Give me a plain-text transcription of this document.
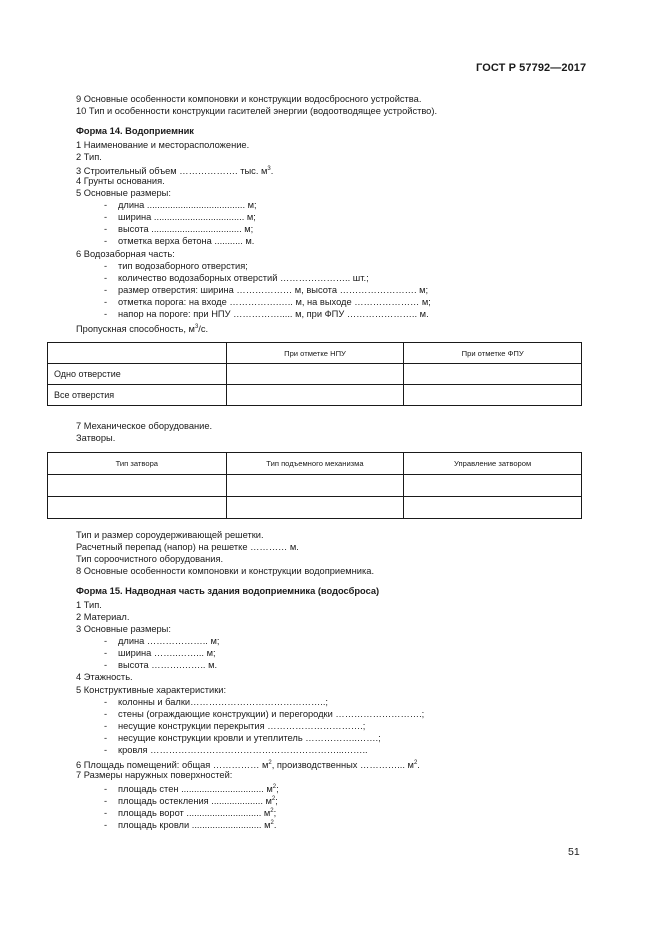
ГОСТ Р 57792—2017
9 Основные особенности компоновки и конструкции водосбросного устройства.
10 Тип и особенности конструкции гасителей энергии (водоотводящее устройство).
Форма 14. Водоприемник
1 Наименование и месторасположение.
2 Тип.
3 Строительный объем ………………. тыс. $м^3$.
4 Грунты основания.
5 Основные размеры:
- длина ...................................... м;
- ширина ................................... м;
- высота ................................... м;
- отметка верха бетона ........... м.
6 Водозаборная часть:
- тип водозаборного отверстия;
- количество водозаборных отверстий ………………….. шт.;
- размер отверстия: ширина ……………… м, высота ……………………. м;
- отметка порога: на входе …………….….. м, на выходе ………………… м;
- напор на пороге: при НПУ ……………..... м, при ФПУ ………………….. м.
Пропускная способность, $м^3/с$.
	При отметке НПУ	При отметке ФПУ
Одно отверстие		
Все отверстия		
7 Механическое оборудование.
Затворы.
Тип затвора	Тип подъемного механизма	Управление затвором

Тип и размер сороудерживающей решетки.
Расчетный перепад (напор) на решетке ………… м.
Тип сороочистного оборудования.
8 Основные особенности компоновки и конструкции водоприемника.
Форма 15. Надводная часть здания водоприемника (водосброса)
1 Тип.
2 Материал.
3 Основные размеры:
- длина ……………….. м;
- ширина ……..……... м;
- высота ……….…….. м.
4 Этажность.
5 Конструктивные характеристики:
- колонны и балки……………………………………..;
- стены (ограждающие конструкции) и перегородки ……………………….;
- несущие конструкции перекрытия ………………………….;
- несущие конструкции кровли и утеплитель ……………..…….;
- кровля ……………………………………………………...……..
6 Площадь помещений: общая …………… $м^2$, производственных …………... $м^2$.
7 Размеры наружных поверхностей:
- площадь стен ................................ $м^2$;
- площадь остекления .................... $м^2$;
- площадь ворот ............................. $м^2$;
- площадь кровли ........................... $м^2$.
51
